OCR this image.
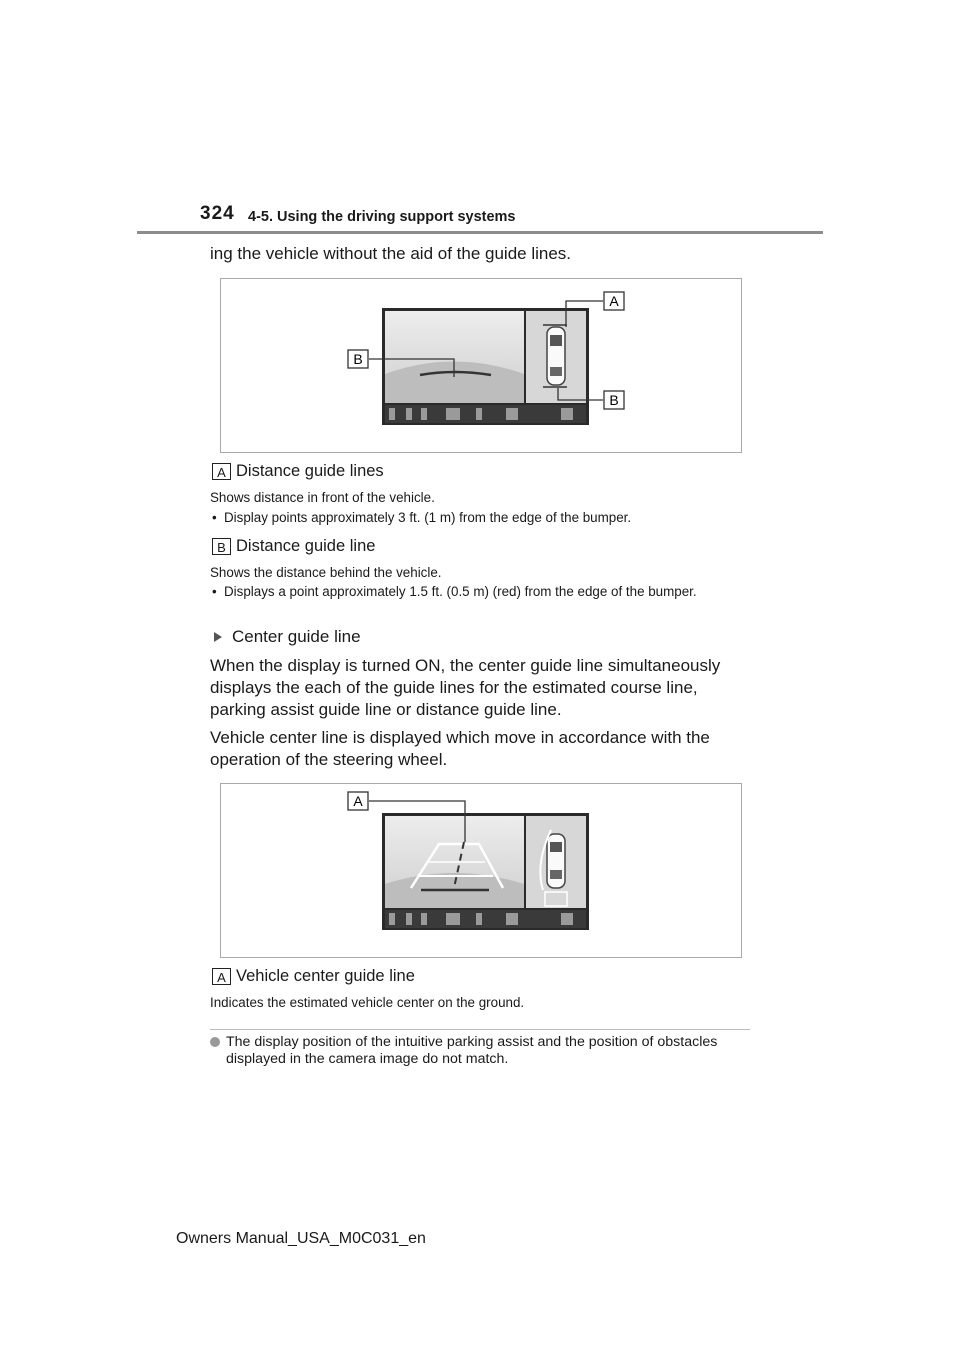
324 4-5. Using the driving support systems
ing the vehicle without the aid of the guide lines.
A
B
B
A Distance guide lines
Shows distance in front of the vehicle.
• Display points approximately 3 ft. (1 m) from the edge of the bumper.
B Distance guide line
Shows the distance behind the vehicle.
• Displays a point approximately 1.5 ft. (0.5 m) (red) from the edge of the bumper.
Center guide line
When the display is turned ON, the center guide line simultaneously displays the each of the guide lines for the estimated course line, parking assist guide line or distance guide line.
Vehicle center line is displayed which move in accordance with the operation of the steering wheel.
A
A Vehicle center guide line
Indicates the estimated vehicle center on the ground.
The display position of the intuitive parking assist and the position of obstacles displayed in the camera image do not match.
Owners Manual_USA_M0C031_en
